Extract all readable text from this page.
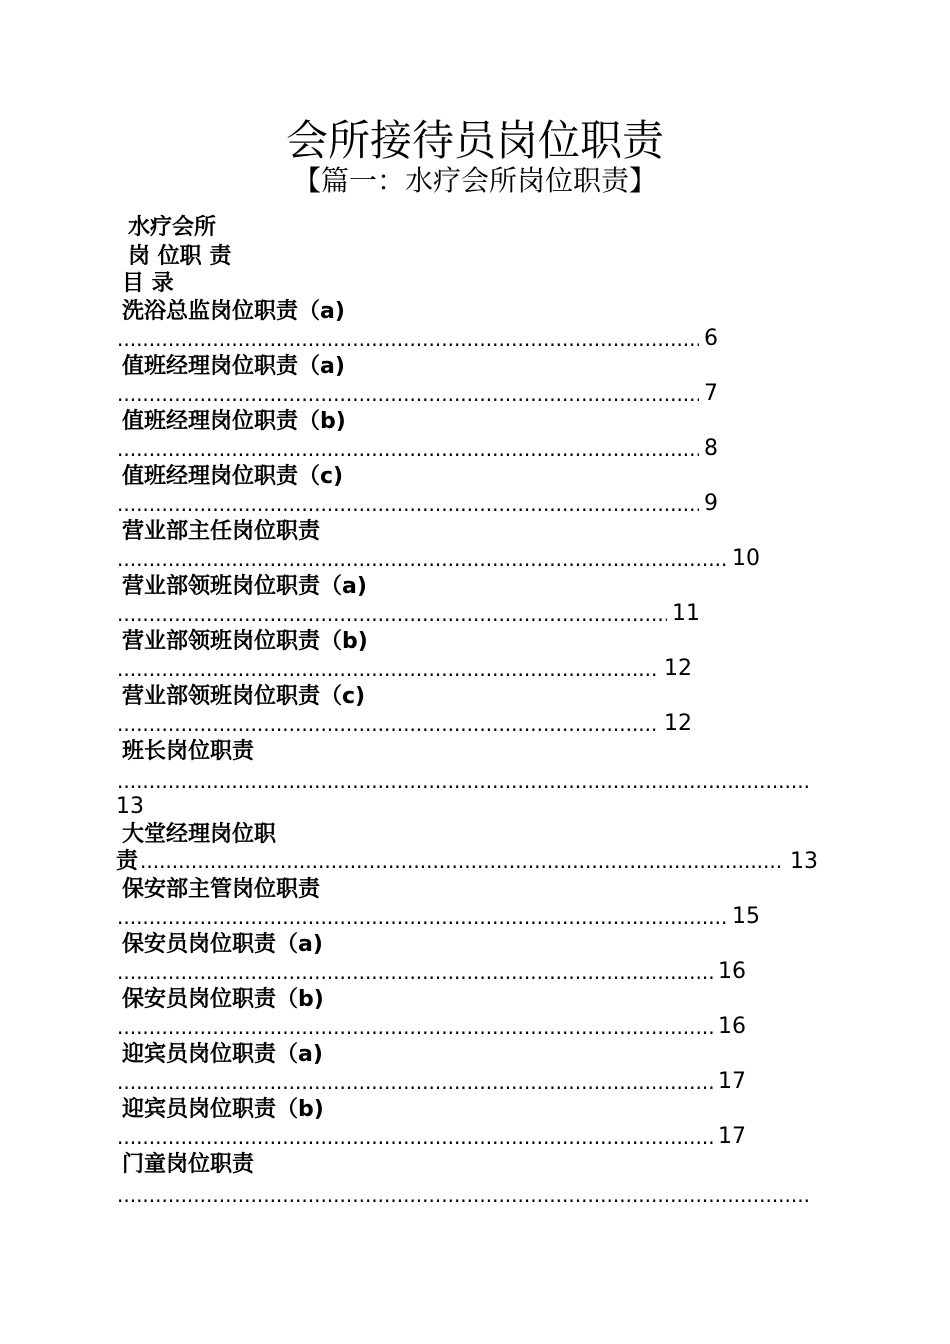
会所接待员岗位职责
【篇一：水疗会所岗位职责】
水疗会所
岗 位职 责
目 录
洗浴总监岗位职责（a)
.....
6
值班经理岗位职责（a)
.....
7
值班经理岗位职责（b)
.....
8
值班经理岗位职责（c)
.....
9
营业部主任岗位职责
.....
10
营业部领班岗位职责（a)
.....
11
营业部领班岗位职责（b)
.....
12
营业部领班岗位职责（c)
.....
12
班长岗位职责
.....
13
大堂经理岗位职
责
.....	13
保安部主管岗位职责
.....
15
保安员岗位职责（a)
.....
16
保安员岗位职责（b)
.....
16
迎宾员岗位职责（a)
.....
17
迎宾员岗位职责（b)
.....
17
门童岗位职责
.....
